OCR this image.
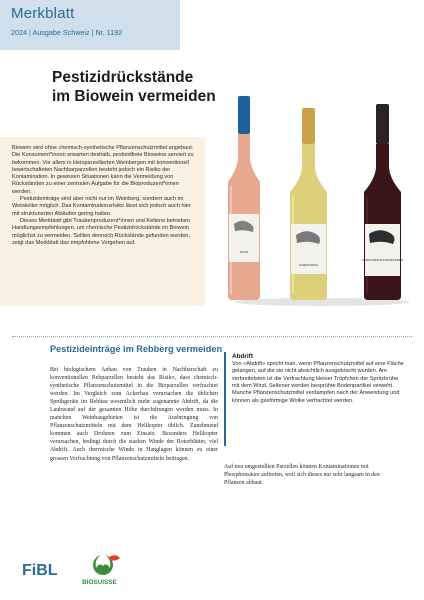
Merkblatt
2024 | Ausgabe Schweiz | Nr. 1192
Pestizidrückstände
im Biowein vermeiden

Biowein wird ohne chemisch-synthetische Pflanzenschutzmittel angebaut. Die Konsument*innen erwarten deshalb, pestizidfreie Bioweine serviert zu bekommen. Vor allem in kleinparzellierten Weinbergen mit konventionell bewirtschafteten Nachbarparzellen besteht jedoch ein Risiko der Kontamination. In gewissen Situationen kann die Vermeidung von Rückständen zu einer zentralen Aufgabe für die Bioproduzent*innen werden.

Pestizideinträge sind aber nicht nur im Weinberg, sondern auch im Weinkeller möglich. Das Kontaminationsrisiko lässt sich jedoch auch hier mit strukturierten Abläufen gering halten.

Dieses Merkblatt gibt Traubenproduzent*innen und Kelterei betrieben Handlungsempfehlungen, um chemische Pestizidrückstände im Biowein möglichst zu vermeiden. Sollten dennoch Rückstände gefunden werden, zeigt das Merkblatt das empfohlene Vorgehen auf.

ROSÉ
CHARDONNAY
HORNUSSER BLAUBURGUNDER
Pestizideinträge im Rebberg vermeiden

Bei biologischem Anbau von Trauben in Nachbarschaft zu konventionellen Rebparzellen besteht das Risiko, dass chemisch-synthetische Pflanzenschutzmittel in die Bioparzellen verfrachtet werden. Im Vergleich zum Ackerbau verursachen die üblichen Sprühgeräte im Rebbau wesentlich mehr sogenannte Abdrift, da die Laubwand auf der gesamten Höhe durchdrungen werden muss. In manchen Weinbaugebieten ist die Ausbringung von Pflanzenschutzmitteln mit dem Helikopter üblich. Zunehmend kommen auch Drohnen zum Einsatz. Besonders Helikopter verursachen, bedingt durch die starken Winde der Rotorblätter, viel Abdrift. Auch thermische Winde in Hanglagen können zu einer grossen Verfrachtung von Pflanzenschutzmitteln beitragen.

Abdrift

Von «Abdrift» spricht man, wenn Pflanzenschutzmittel auf eine Fläche gelangen, auf die sie nicht absichtlich ausgebracht wurden. Am verbreitetsten ist die Verfrachtung kleiner Tröpfchen der Spritzbrühe mit dem Wind. Seltener werden besprühte Bodenpartikel verweht. Manche Pflanzenschutzmittel verdampfen nach der Anwendung und können als gasförmige Wolke verfrachtet werden.

Auf neu umgestellten Parzellen können Kontaminationen mit Phosphonsäure auftreten, weil sich dieses nur sehr langsam in den Pflanzen abbaut.

FiBL
BIOSUISSE
